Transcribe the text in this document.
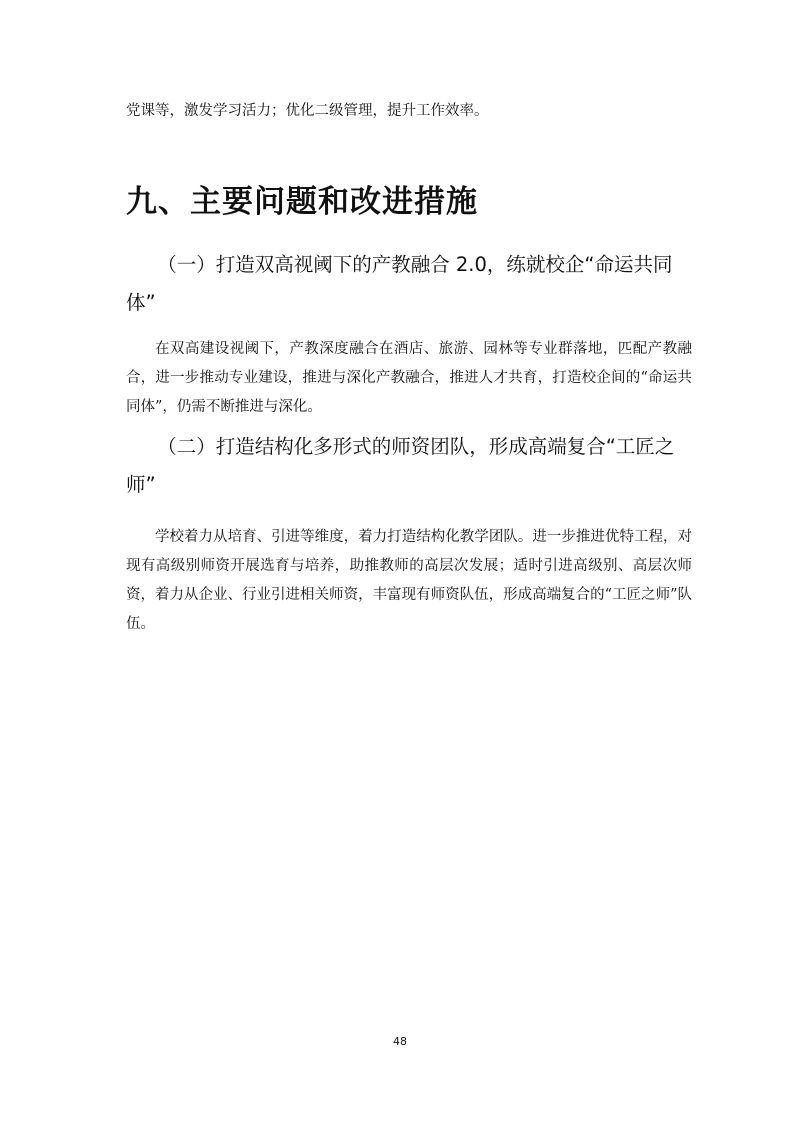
党课等，激发学习活力；优化二级管理，提升工作效率。
九、主要问题和改进措施
（一）打造双高视阈下的产教融合 2.0，练就校企“命运共同体”
在双高建设视阈下，产教深度融合在酒店、旅游、园林等专业群落地，匹配产教融合，进一步推动专业建设，推进与深化产教融合，推进人才共育，打造校企间的“命运共同体”，仍需不断推进与深化。
（二）打造结构化多形式的师资团队，形成高端复合“工匠之师”
学校着力从培育、引进等维度，着力打造结构化教学团队。进一步推进优特工程，对现有高级别师资开展选育与培养，助推教师的高层次发展；适时引进高级别、高层次师资，着力从企业、行业引进相关师资，丰富现有师资队伍，形成高端复合的“工匠之师”队伍。
48
